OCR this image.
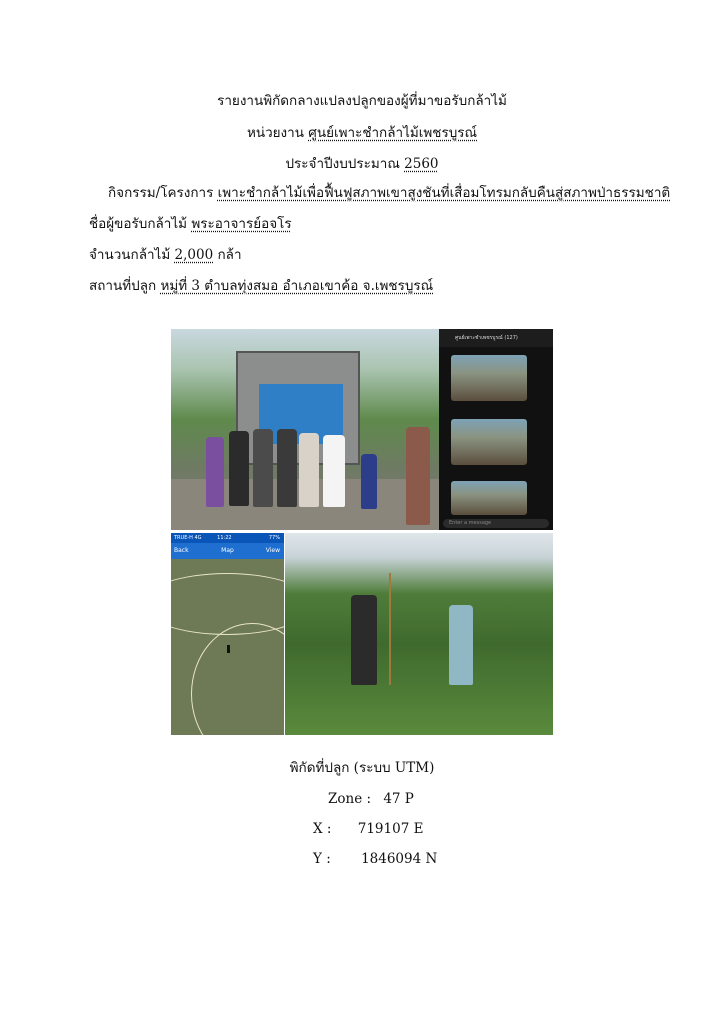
รายงานพิกัดกลางแปลงปลูกของผู้ที่มาขอรับกล้าไม้
หน่วยงาน ศูนย์เพาะชำกล้าไม้เพชรบูรณ์
ประจำปีงบประมาณ 2560
กิจกรรม/โครงการ เพาะชำกล้าไม้เพื่อฟื้นฟูสภาพเขาสูงชันที่เสื่อมโทรมกลับคืนสู่สภาพป่าธรรมชาติ
ชื่อผู้ขอรับกล้าไม้ พระอาจารย์อจโร
จำนวนกล้าไม้ 2,000 กล้า
สถานที่ปลูก หมู่ที่ 3 ตำบลทุ่งสมอ อำเภอเขาค้อ จ.เพชรบูรณ์
ศูนย์เพาะชำเพชรบูรณ์ (127)
Enter a message
TRUE-H 4G	11:22	77%
Back	Map	View
พิกัดที่ปลูก (ระบบ UTM)
Zone : 47 P
X : 719107 E
Y : 1846094 N
